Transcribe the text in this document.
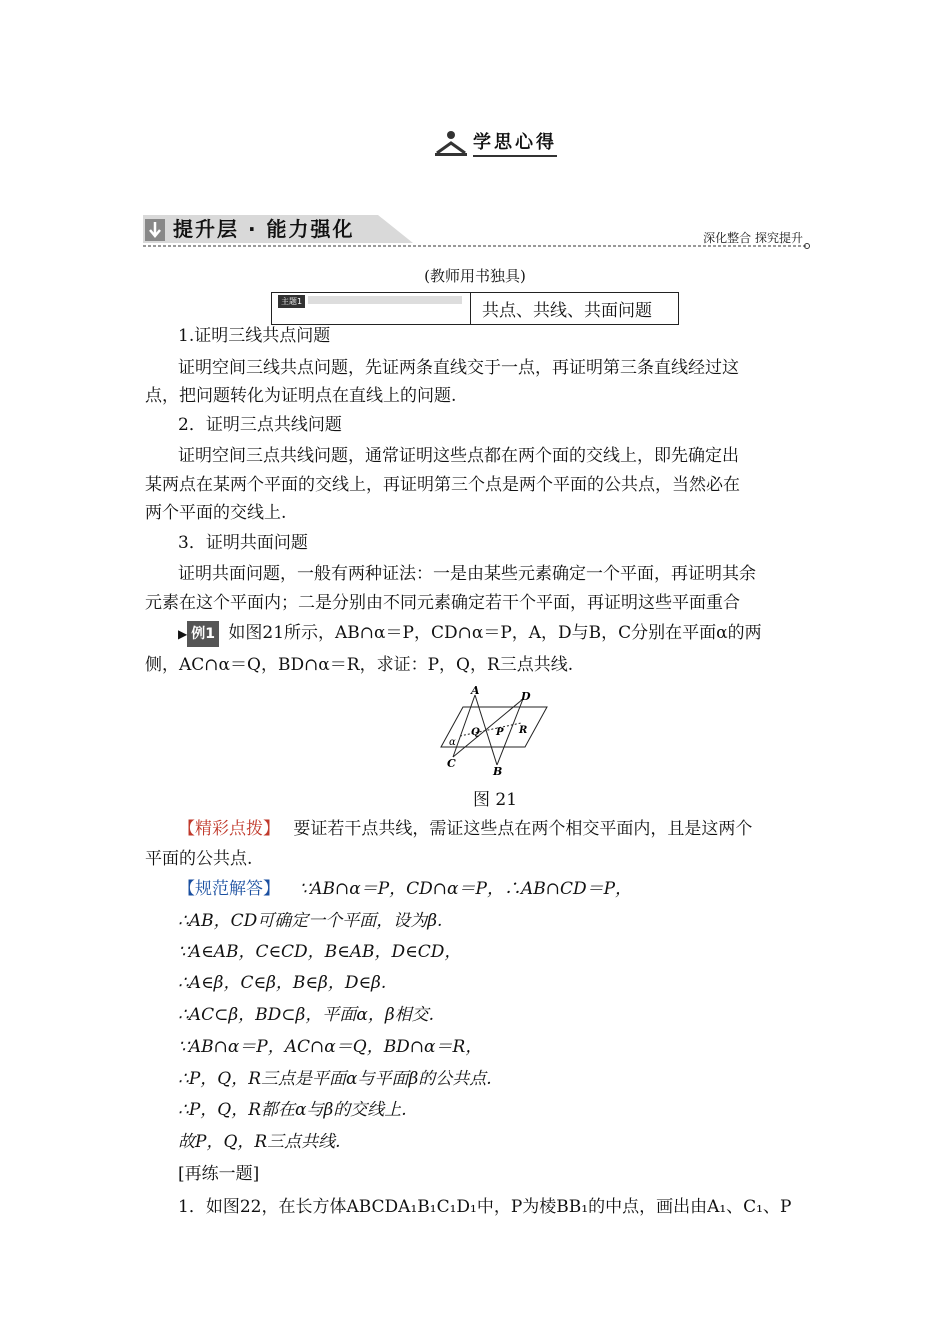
学思心得
提升层 · 能力强化	深化整合 探究提升
(教师用书独具)
主题1	共点、共线、共面问题
1.证明三线共点问题
证明空间三线共点问题，先证两条直线交于一点，再证明第三条直线经过这
点，把问题转化为证明点在直线上的问题.
2．证明三点共线问题
证明空间三点共线问题，通常证明这些点都在两个面的交线上，即先确定出
某两点在某两个平面的交线上，再证明第三个点是两个平面的公共点，当然必在
两个平面的交线上.
3．证明共面问题
证明共面问题，一般有两种证法：一是由某些元素确定一个平面，再证明其余
元素在这个平面内；二是分别由不同元素确定若干个平面，再证明这些平面重合
▶ 例1 如图21所示，AB∩α＝P，CD∩α＝P，A，D与B，C分别在平面α的两
侧，AC∩α＝Q，BD∩α＝R，求证：P，Q，R三点共线.
A	D
Q P R
α
C
B
图 21
【精彩点拨】 要证若干点共线，需证这些点在两个相交平面内，且是这两个
平面的公共点.
【规范解答】 ∵AB∩α＝P，CD∩α＝P，∴AB∩CD＝P，
∴AB，CD可确定一个平面，设为β.
∵A∈AB，C∈CD，B∈AB，D∈CD，
∴A∈β，C∈β，B∈β，D∈β.
∴AC⊂β，BD⊂β，平面α，β相交.
∵AB∩α＝P，AC∩α＝Q，BD∩α＝R，
∴P，Q，R三点是平面α与平面β的公共点.
∴P，Q，R都在α与β的交线上.
故P，Q，R三点共线.
[再练一题]
1．如图22，在长方体ABCDA₁B₁C₁D₁中，P为棱BB₁的中点，画出由A₁、C₁、P
